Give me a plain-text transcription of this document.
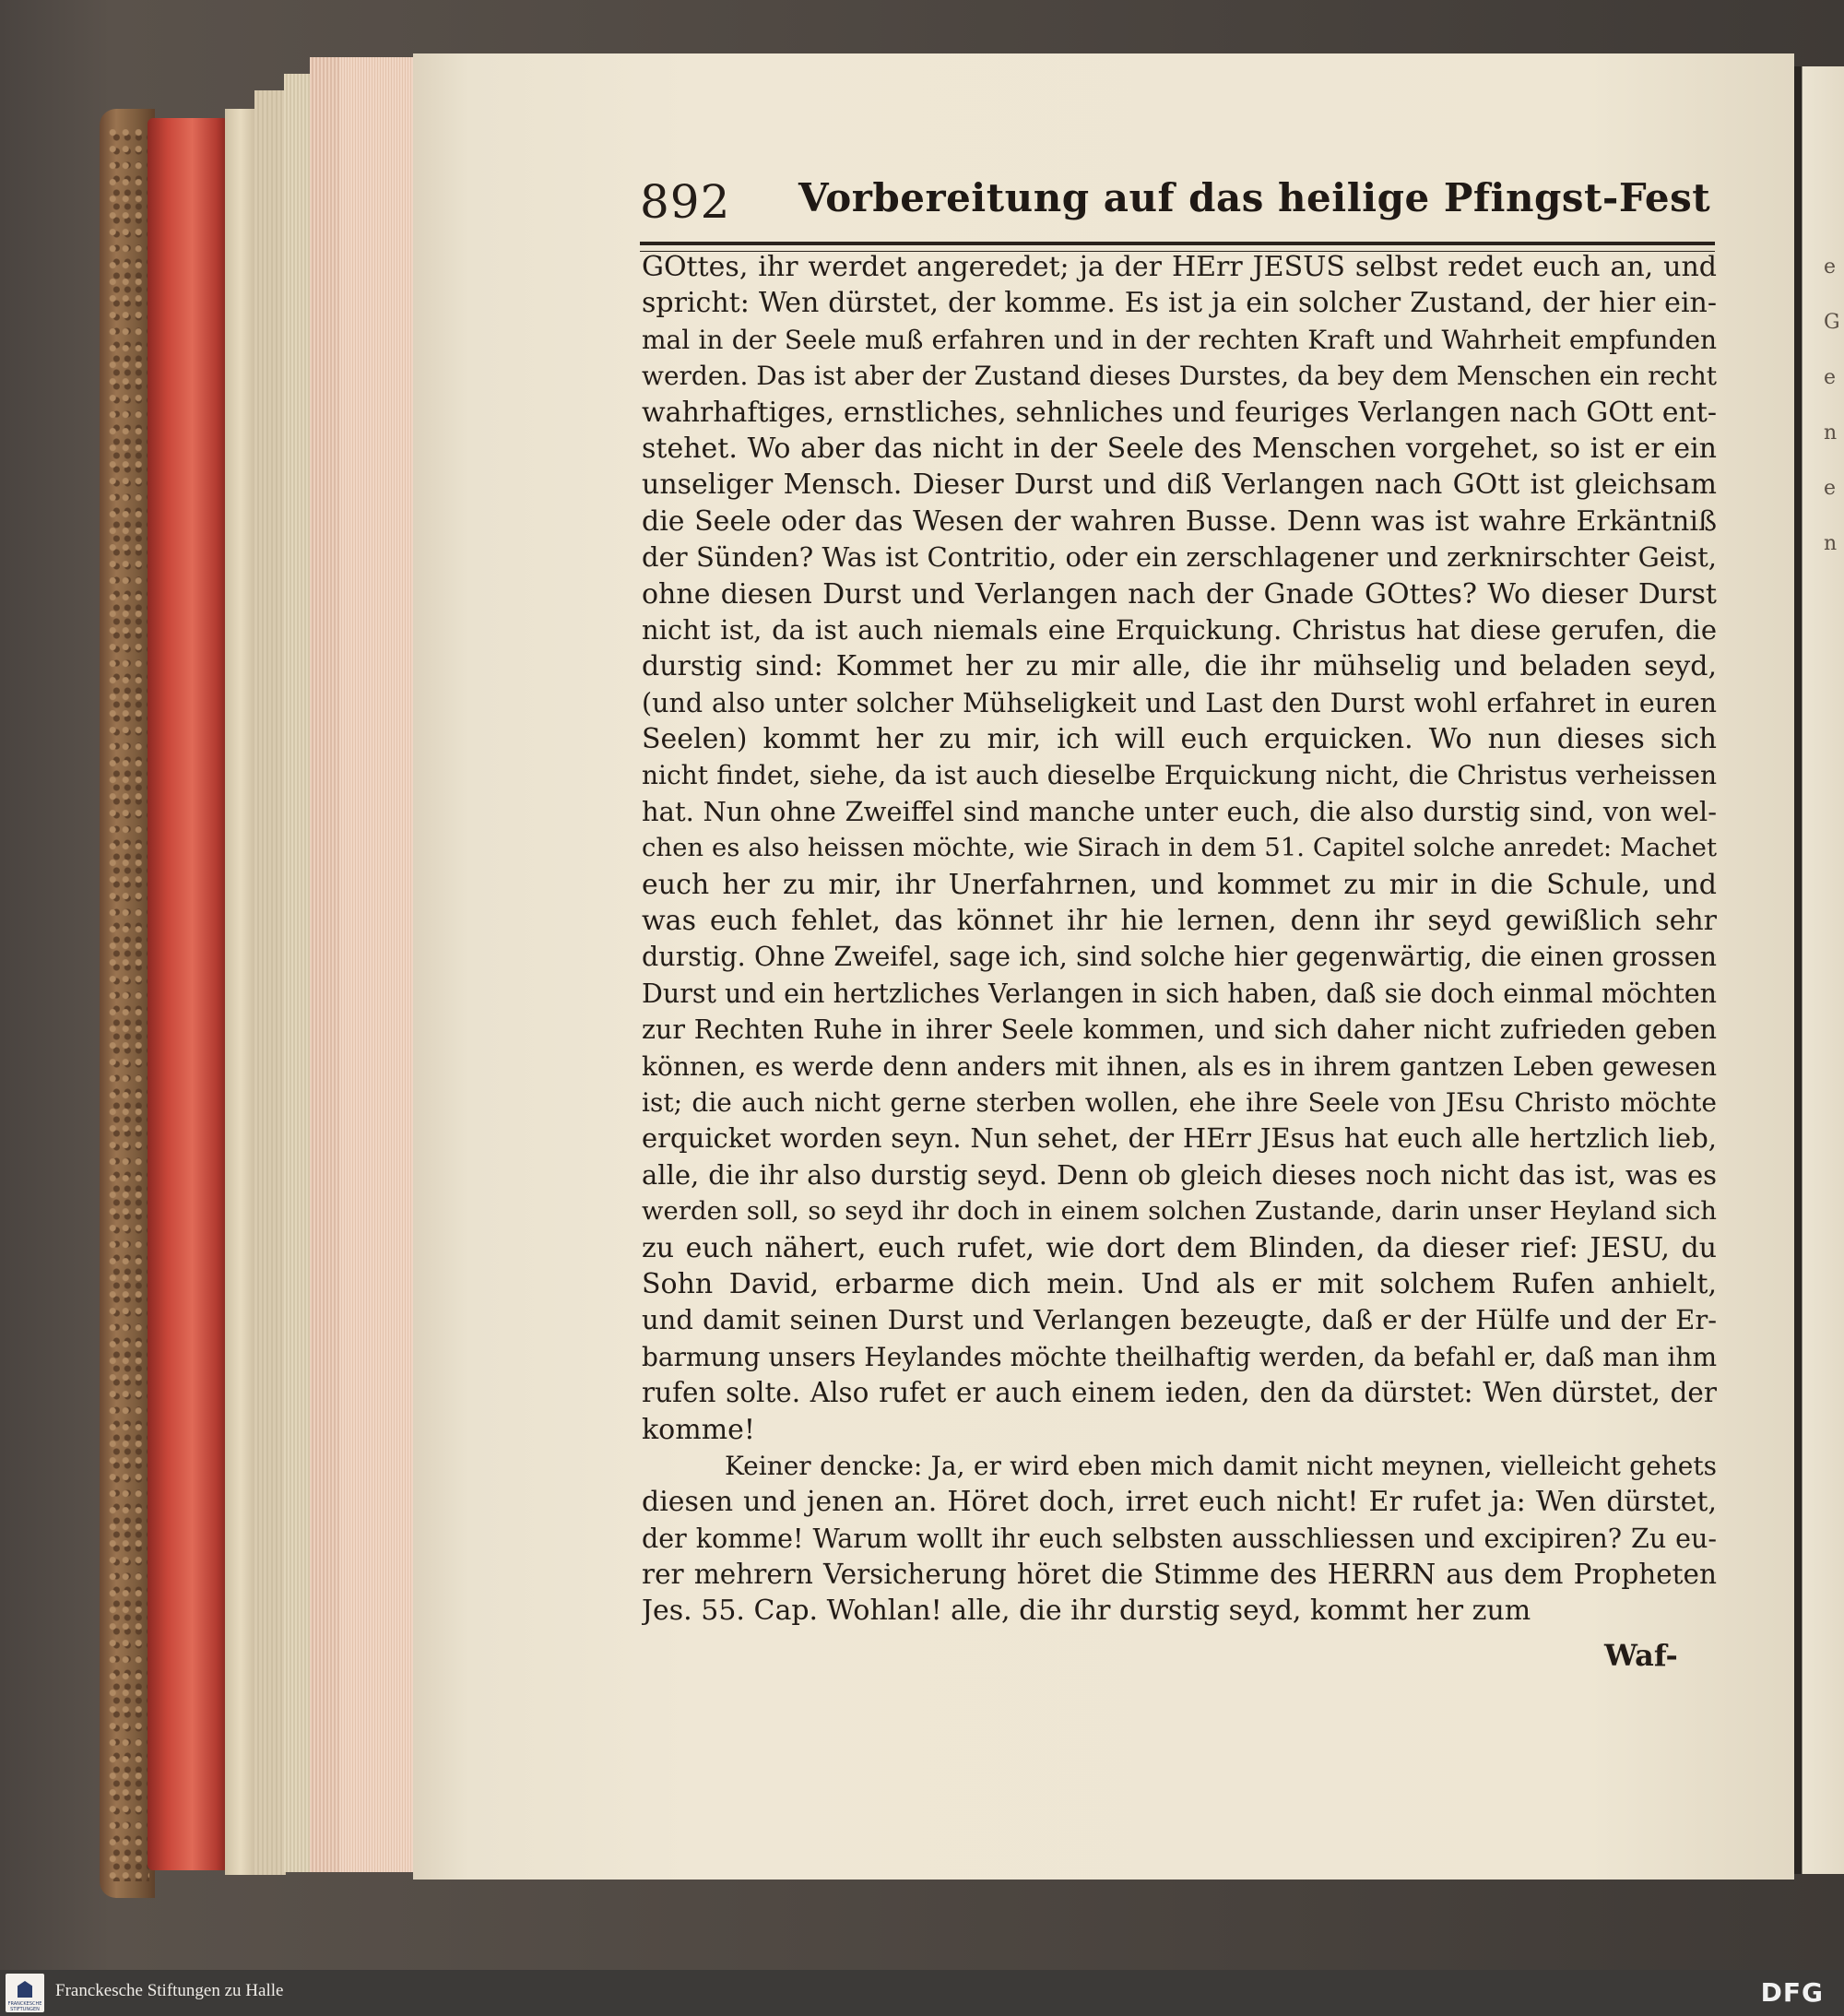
e
G
e
n
e
n
892 Vorbereitung auf das heilige Pfingst-Fest
GOttes, ihr werdet angeredet; ja der HErr JESUS selbst redet euch an, und
spricht: Wen dürstet, der komme. Es ist ja ein solcher Zustand, der hier ein-
mal in der Seele muß erfahren und in der rechten Kraft und Wahrheit empfunden
werden. Das ist aber der Zustand dieses Durstes, da bey dem Menschen ein recht
wahrhaftiges, ernstliches, sehnliches und feuriges Verlangen nach GOtt ent-
stehet. Wo aber das nicht in der Seele des Menschen vorgehet, so ist er ein
unseliger Mensch. Dieser Durst und diß Verlangen nach GOtt ist gleichsam
die Seele oder das Wesen der wahren Busse. Denn was ist wahre Erkäntniß
der Sünden? Was ist Contritio, oder ein zerschlagener und zerknirschter Geist,
ohne diesen Durst und Verlangen nach der Gnade GOttes? Wo dieser Durst
nicht ist, da ist auch niemals eine Erquickung. Christus hat diese gerufen, die
durstig sind: Kommet her zu mir alle, die ihr mühselig und beladen seyd,
(und also unter solcher Mühseligkeit und Last den Durst wohl erfahret in euren
Seelen) kommt her zu mir, ich will euch erquicken. Wo nun dieses sich
nicht findet, siehe, da ist auch dieselbe Erquickung nicht, die Christus verheissen
hat. Nun ohne Zweiffel sind manche unter euch, die also durstig sind, von wel-
chen es also heissen möchte, wie Sirach in dem 51. Capitel solche anredet: Machet
euch her zu mir, ihr Unerfahrnen, und kommet zu mir in die Schule, und
was euch fehlet, das könnet ihr hie lernen, denn ihr seyd gewißlich sehr
durstig. Ohne Zweifel, sage ich, sind solche hier gegenwärtig, die einen grossen
Durst und ein hertzliches Verlangen in sich haben, daß sie doch einmal möchten
zur Rechten Ruhe in ihrer Seele kommen, und sich daher nicht zufrieden geben
können, es werde denn anders mit ihnen, als es in ihrem gantzen Leben gewesen
ist; die auch nicht gerne sterben wollen, ehe ihre Seele von JEsu Christo möchte
erquicket worden seyn. Nun sehet, der HErr JEsus hat euch alle hertzlich lieb,
alle, die ihr also durstig seyd. Denn ob gleich dieses noch nicht das ist, was es
werden soll, so seyd ihr doch in einem solchen Zustande, darin unser Heyland sich
zu euch nähert, euch rufet, wie dort dem Blinden, da dieser rief: JESU, du
Sohn David, erbarme dich mein. Und als er mit solchem Rufen anhielt,
und damit seinen Durst und Verlangen bezeugte, daß er der Hülfe und der Er-
barmung unsers Heylandes möchte theilhaftig werden, da befahl er, daß man ihm
rufen solte. Also rufet er auch einem ieden, den da dürstet: Wen dürstet, der
komme!
Keiner dencke: Ja, er wird eben mich damit nicht meynen, vielleicht gehets
diesen und jenen an. Höret doch, irret euch nicht! Er rufet ja: Wen dürstet,
der komme! Warum wollt ihr euch selbsten ausschliessen und excipiren? Zu eu-
rer mehrern Versicherung höret die Stimme des HERRN aus dem Propheten
Jes. 55. Cap. Wohlan! alle, die ihr durstig seyd, kommt her zum
Waf-
FRANCKESCHE STIFTUNGEN
Franckesche Stiftungen zu Halle	DFG
